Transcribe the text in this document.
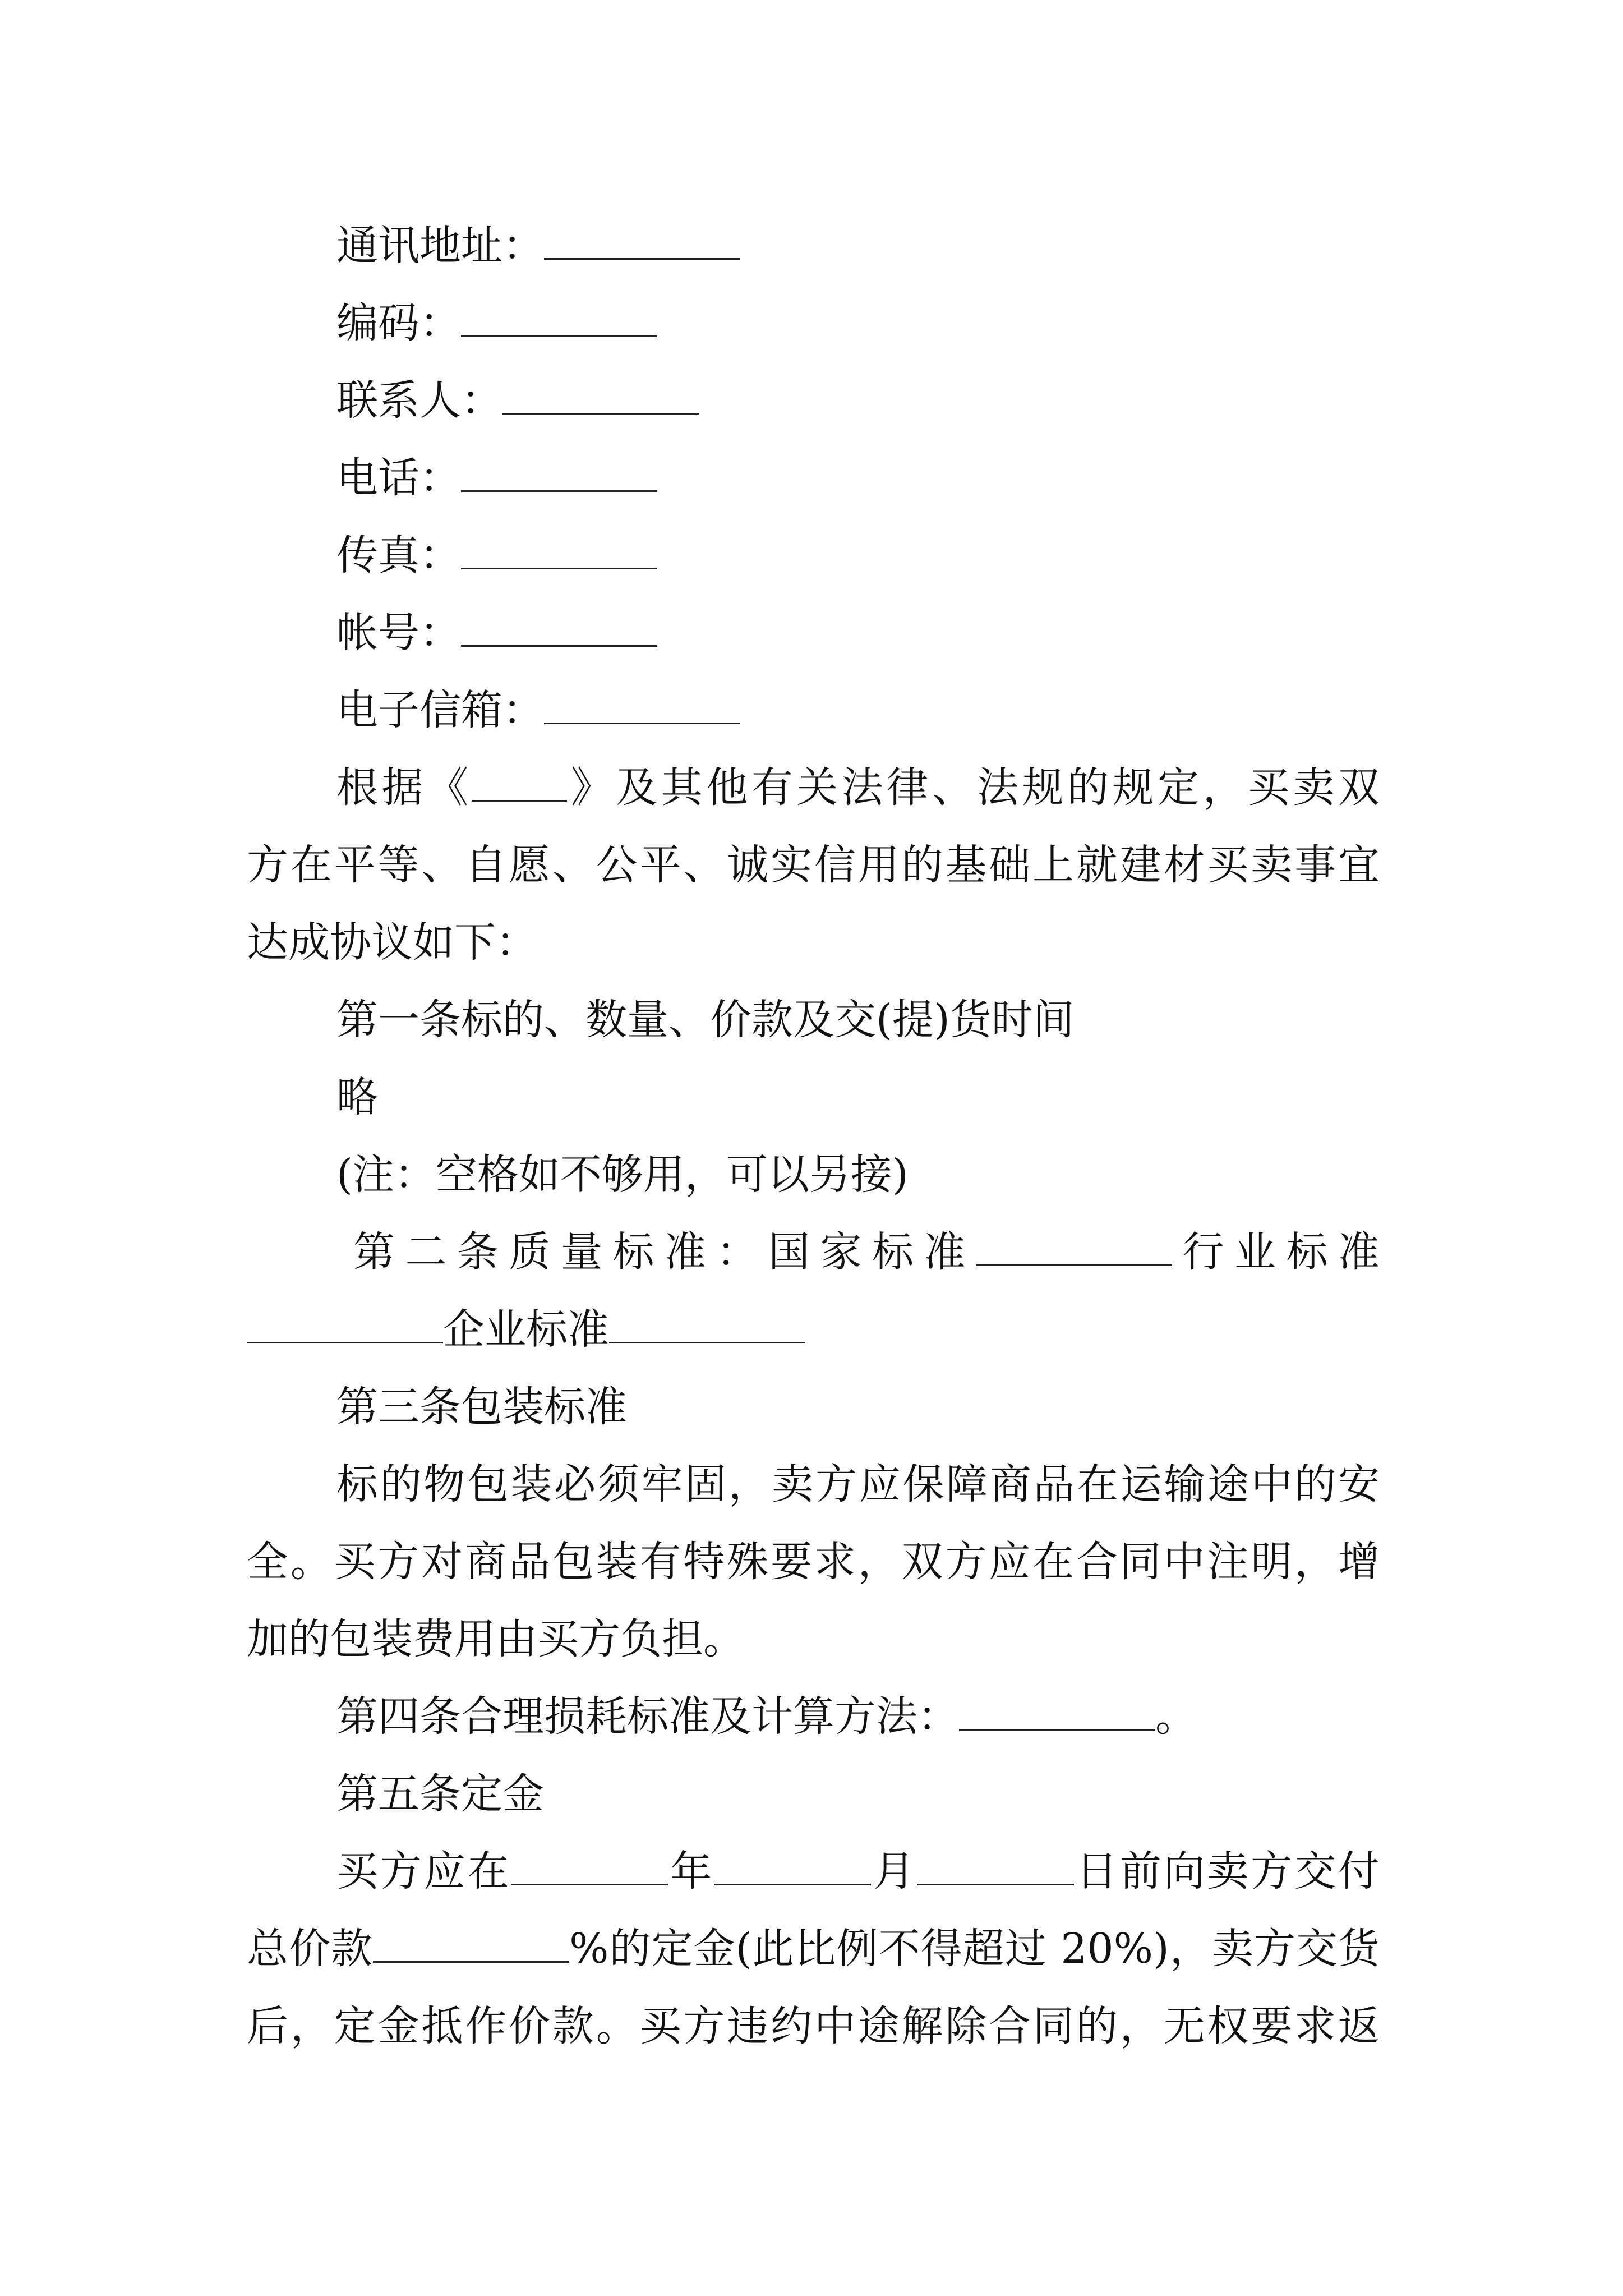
通讯地址：
编码：
联系人：
电话：
传真：
帐号：
电子信箱：
根据《 》及其他有关法律、法规的规定，买卖双
方在平等、自愿、公平、诚实信用的基础上就建材买卖事宜
达成协议如下：
第一条标的、数量、价款及交(提)货时间
略
(注：空格如不够用，可以另接)
第二条质量标准：国家标准	行业标准
企业标准
第三条包装标准
标的物包装必须牢固，卖方应保障商品在运输途中的安
全。买方对商品包装有特殊要求，双方应在合同中注明，增
加的包装费用由买方负担。
第四条合理损耗标准及计算方法：	。
第五条定金
买方应在	年	月	日前向卖方交付
总价款	%的定金(此比例不得超过 20%)，卖方交货
后，定金抵作价款。买方违约中途解除合同的，无权要求返
